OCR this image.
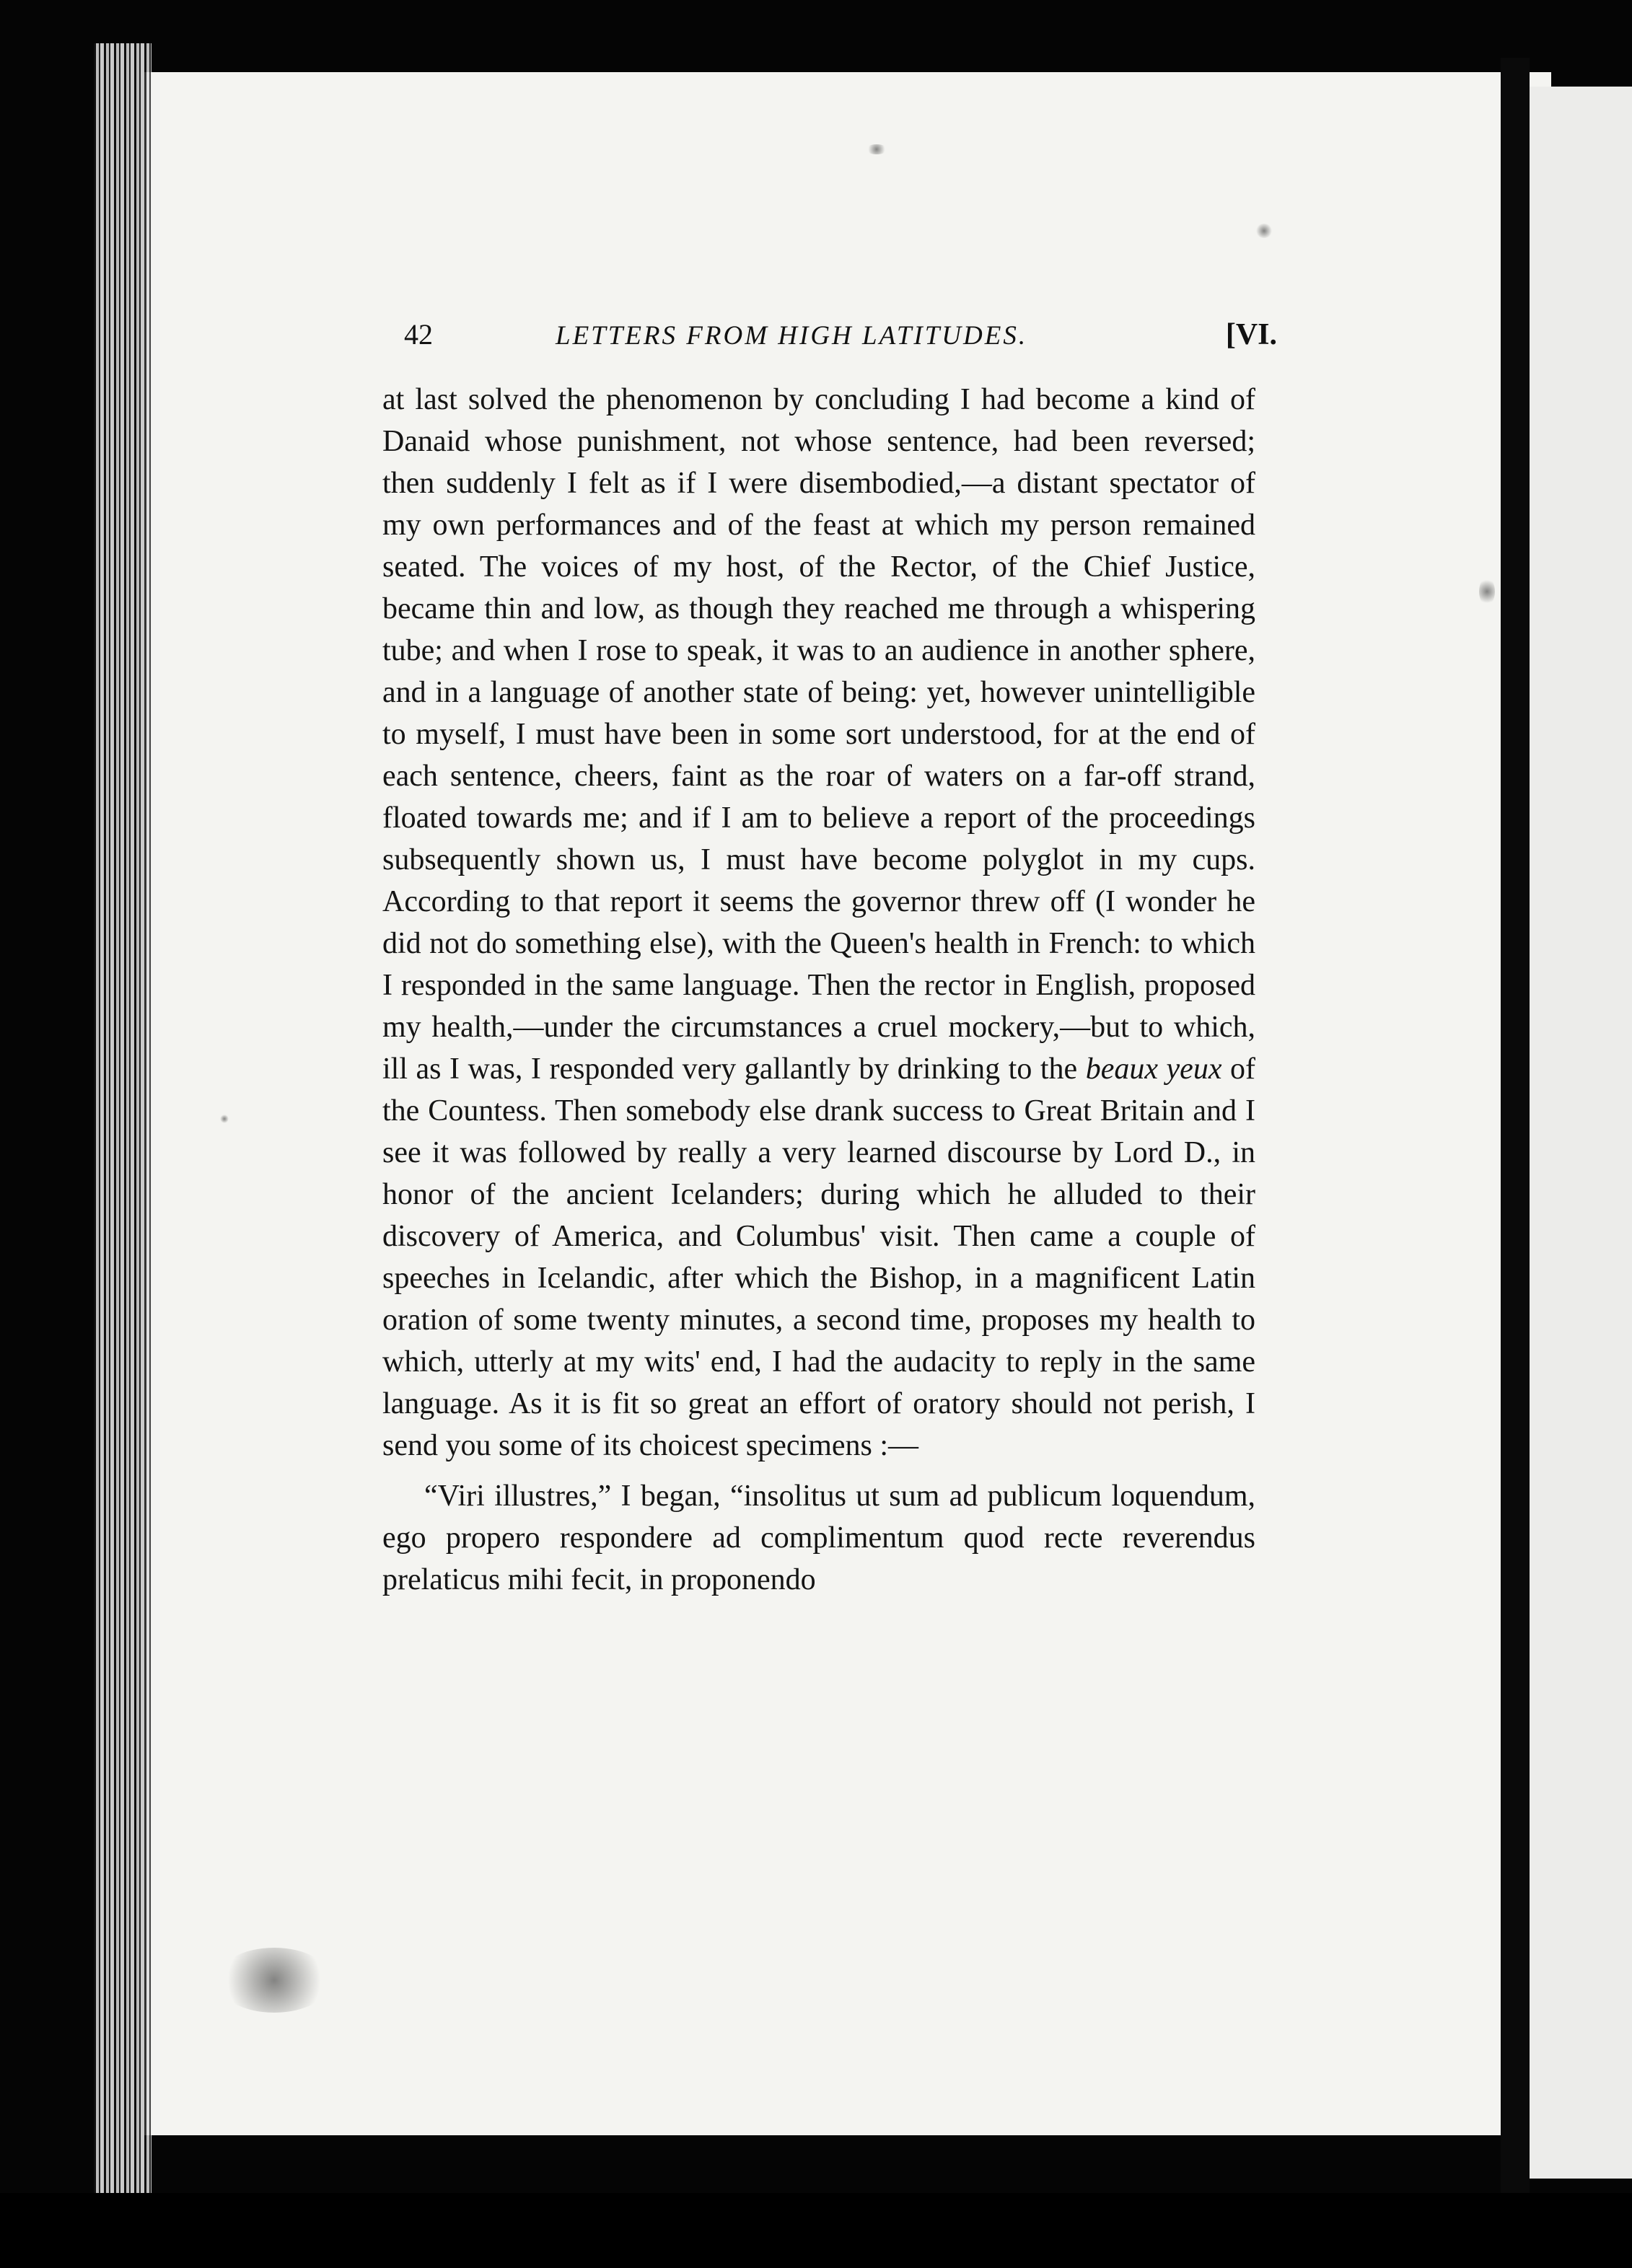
42	LETTERS FROM HIGH LATITUDES.	[VI.

at last solved the phenomenon by concluding I had become a kind of Danaid whose punishment, not whose sentence, had been reversed; then suddenly I felt as if I were disembodied,—a distant spectator of my own performances and of the feast at which my person remained seated. The voices of my host, of the Rector, of the Chief Justice, became thin and low, as though they reached me through a whispering tube; and when I rose to speak, it was to an audience in another sphere, and in a language of another state of being: yet, however unintelligible to myself, I must have been in some sort understood, for at the end of each sentence, cheers, faint as the roar of waters on a far-off strand, floated towards me; and if I am to believe a report of the proceedings subsequently shown us, I must have become polyglot in my cups. According to that report it seems the governor threw off (I wonder he did not do something else), with the Queen's health in French: to which I responded in the same language. Then the rector in English, proposed my health,—under the circumstances a cruel mockery,—but to which, ill as I was, I responded very gallantly by drinking to the beaux yeux of the Countess. Then somebody else drank success to Great Britain and I see it was followed by really a very learned discourse by Lord D., in honor of the ancient Icelanders; during which he alluded to their discovery of America, and Columbus' visit. Then came a couple of speeches in Icelandic, after which the Bishop, in a magnificent Latin oration of some twenty minutes, a second time, proposes my health to which, utterly at my wits' end, I had the audacity to reply in the same language. As it is fit so great an effort of oratory should not perish, I send you some of its choicest specimens :—

“Viri illustres,” I began, “insolitus ut sum ad publicum loquendum, ego propero respondere ad complimentum quod recte reverendus prelaticus mihi fecit, in proponendo
